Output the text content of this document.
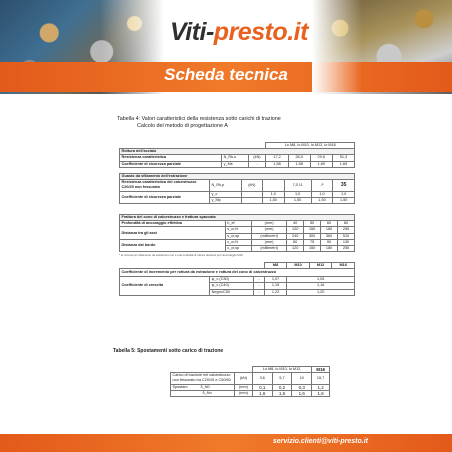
Viti-presto.it
Scheda tecnica
Tabella 4: Valori caratteristici della resistenza sotto carichi di trazione
Calcolo del metodo di progettazione A
			Lo M8, lo M10, lo M12, lo M16			
Rottura dell'acciaio						
Resistenza caratteristica	N_Rk,s	(kN)	17,2	28,0	29,6	51,3
Coefficiente di sicurezza parziale	γ_Ms	-	1,58	1,58	1,69	1,69
Guasto da sfilamento dell'estrazione						
Resistenza caratteristica del calcestruzzo C20/25 non fessurato	N_Rk,p	(kN)		7,5 11	↗	35
Coefficiente di sicurezza parziale	γ_c		1,0	1,0	1,0	1,0
	γ_Mp		1,50	1,50	1,50	1,50
Frattura del cono di calcestruzzo e frattura spaccata						
Profondità di ancoraggio effettiva	h_ef	(mm)	40	50	60	80
Distanza tra gli assi	s_cr,N	(mm)	120	150	180	255
	s_cr,sp	(millimetri)	240	300	360	510
Distanza dal bordo	c_cr,N	(mm)	60	75	90	130
	c_cr,sp	(millimetri)	120	150	180	255
* la minima per sfilamento da estrazione non è una modalità di rottura decisiva per l'ancoraggio M16
			M8	M10	M12	M16
Coefficiente di incremento per rottura da estrazione e rottura del cono di calcestruzzo						
Coefficiente di crescita	ψ_c (C30)	-	1,07	1,05		
	ψ_c (C40)	-	1,15	1,16		
	Negro/C50	-	1,22	1,20		
Tabella 5: Spostamenti sotto carico di trazione
		Lo M8, lo M10, lo M12,			M16
Carico di trazione nel calcestruzzo non fessurato tra C20/25 e C50/60	(kN)	3,6	5,7	10	15,7
Spostam δ_N0	(mm)	0,1	0,2	0,3	1,2
δ_N∞	(mm)	1,6	1,6	1,6	1,6
servizio.clienti@viti-presto.it
